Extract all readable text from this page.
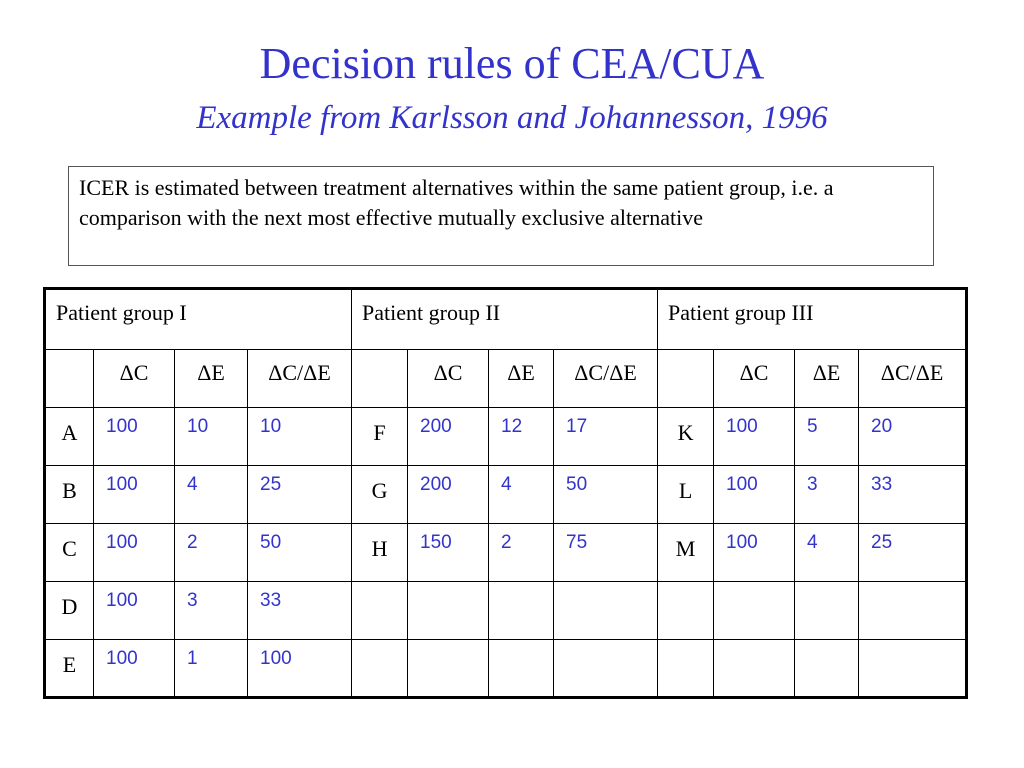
Decision rules of CEA/CUA
Example from Karlsson and Johannesson, 1996
ICER is estimated between treatment alternatives within the same patient group, i.e. a comparison with the next most effective mutually exclusive alternative
Patient group I				Patient group II				Patient group III			
	ΔC	ΔE	ΔC/ΔE		ΔC	ΔE	ΔC/ΔE		ΔC	ΔE	ΔC/ΔE
A	100	10	10	F	200	12	17	K	100	5	20
B	100	4	25	G	200	4	50	L	100	3	33
C	100	2	50	H	150	2	75	M	100	4	25
D	100	3	33								
E	100	1	100								
